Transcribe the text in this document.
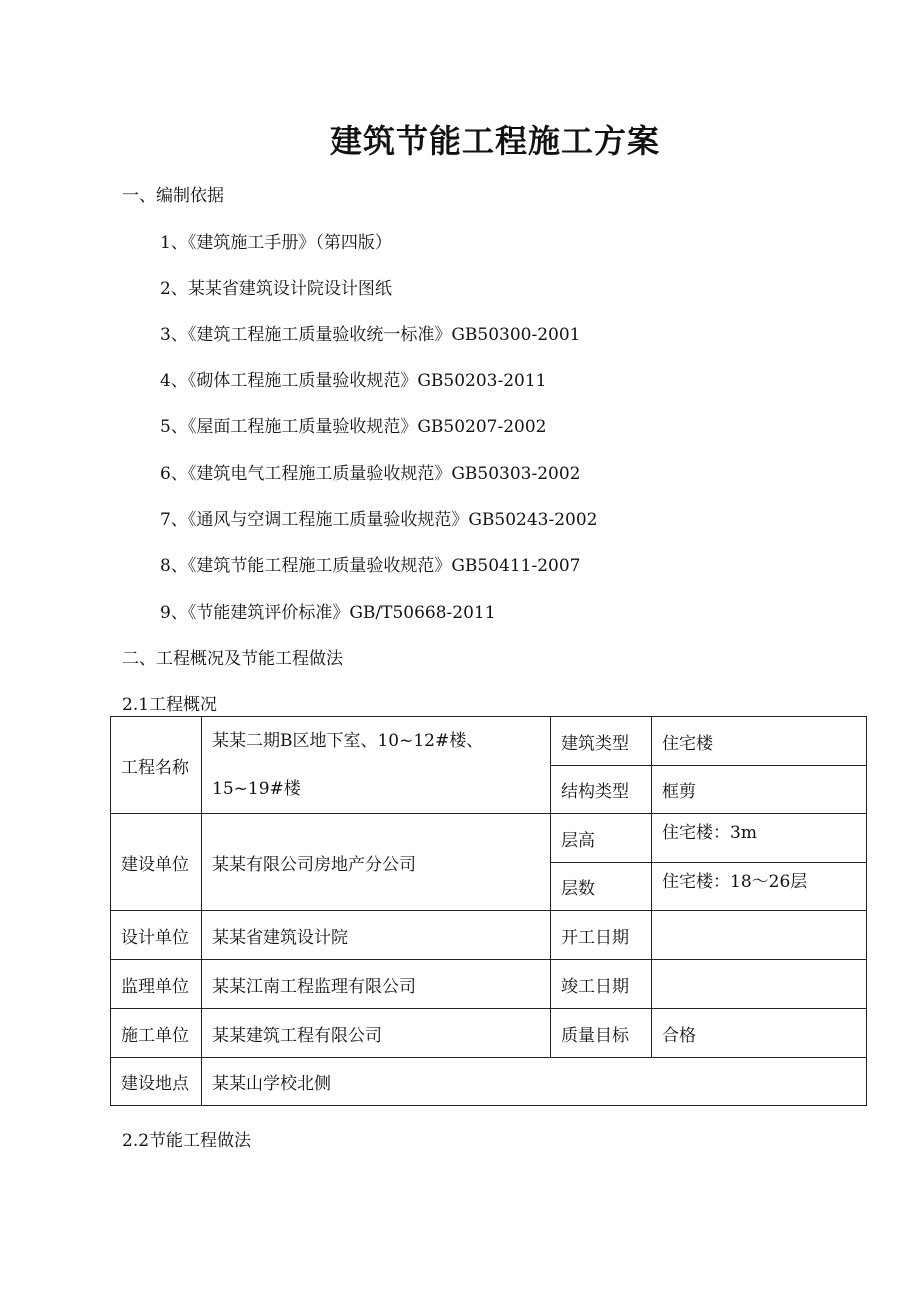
建筑节能工程施工方案
一、编制依据
1、《建筑施工手册》（第四版）
2、某某省建筑设计院设计图纸
3、《建筑工程施工质量验收统一标准》GB50300-2001
4、《砌体工程施工质量验收规范》GB50203-2011
5、《屋面工程施工质量验收规范》GB50207-2002
6、《建筑电气工程施工质量验收规范》GB50303-2002
7、《通风与空调工程施工质量验收规范》GB50243-2002
8、《建筑节能工程施工质量验收规范》GB50411-2007
9、《节能建筑评价标准》GB/T50668-2011
二、工程概况及节能工程做法
2.1工程概况
工程名称	某某二期B区地下室、10~12#楼、15~19#楼	建筑类型	住宅楼
		结构类型	框剪
建设单位	某某有限公司房地产分公司	层高	住宅楼：3m
		层数	住宅楼：18～26层
设计单位	某某省建筑设计院	开工日期	
监理单位	某某江南工程监理有限公司	竣工日期	
施工单位	某某建筑工程有限公司	质量目标	合格
建设地点	某某山学校北侧		
2.2节能工程做法
